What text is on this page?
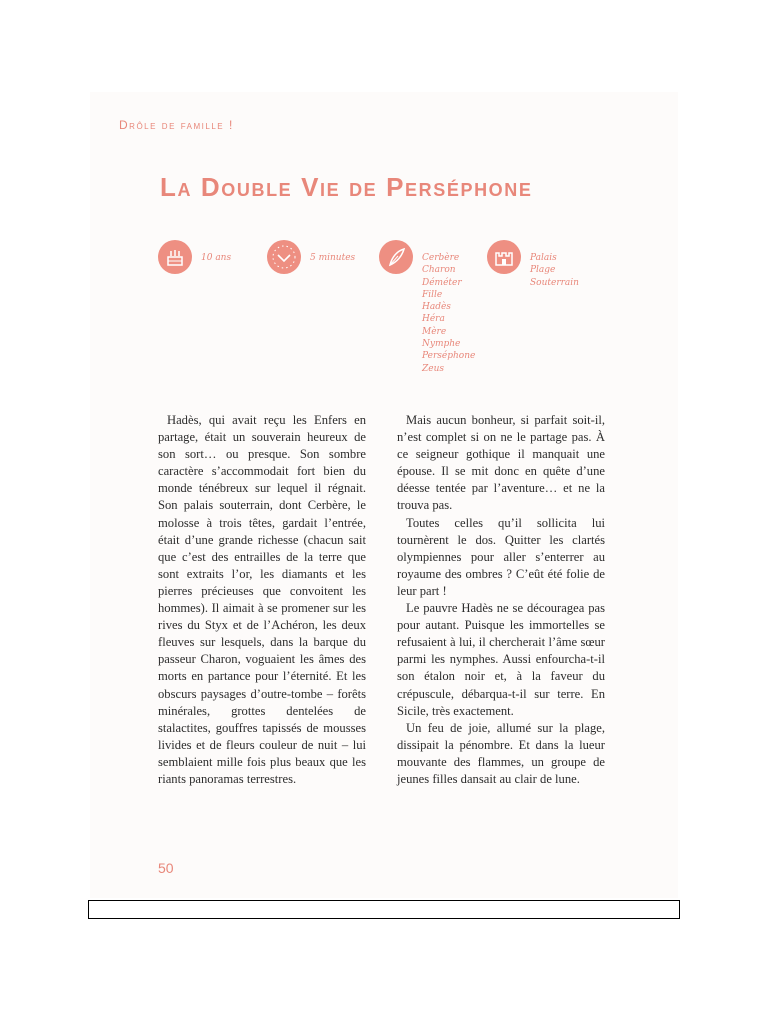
Drôle de famille !
La Double Vie de Perséphone
10 ans	5 minutes	Cerbère
Charon
Déméter
Fille
Hadès
Héra
Mère
Nymphe
Perséphone
Zeus
Palais
Plage
Souterrain

Hadès, qui avait reçu les Enfers en partage, était un souverain heureux de son sort… ou presque. Son sombre caractère s’accommodait fort bien du monde ténébreux sur lequel il régnait. Son palais souterrain, dont Cerbère, le molosse à trois têtes, gardait l’entrée, était d’une grande richesse (chacun sait que c’est des entrailles de la terre que sont extraits l’or, les diamants et les pierres précieuses que convoitent les hommes). Il aimait à se promener sur les rives du Styx et de l’Achéron, les deux fleuves sur lesquels, dans la barque du passeur Charon, voguaient les âmes des morts en partance pour l’éternité. Et les obscurs paysages d’outre-tombe – forêts minérales, grottes dentelées de stalactites, gouffres tapissés de mousses livides et de fleurs couleur de nuit – lui semblaient mille fois plus beaux que les riants panoramas terrestres.

Mais aucun bonheur, si parfait soit-il, n’est complet si on ne le partage pas. À ce seigneur gothique il manquait une épouse. Il se mit donc en quête d’une déesse tentée par l’aventure… et ne la trouva pas.

Toutes celles qu’il sollicita lui tournèrent le dos. Quitter les clartés olympiennes pour aller s’enterrer au royaume des ombres ? C’eût été folie de leur part !

Le pauvre Hadès ne se découragea pas pour autant. Puisque les immortelles se refusaient à lui, il chercherait l’âme sœur parmi les nymphes. Aussi enfourcha-t-il son étalon noir et, à la faveur du crépuscule, débarqua-t-il sur terre. En Sicile, très exactement.

Un feu de joie, allumé sur la plage, dissipait la pénombre. Et dans la lueur mouvante des flammes, un groupe de jeunes filles dansait au clair de lune.

50
